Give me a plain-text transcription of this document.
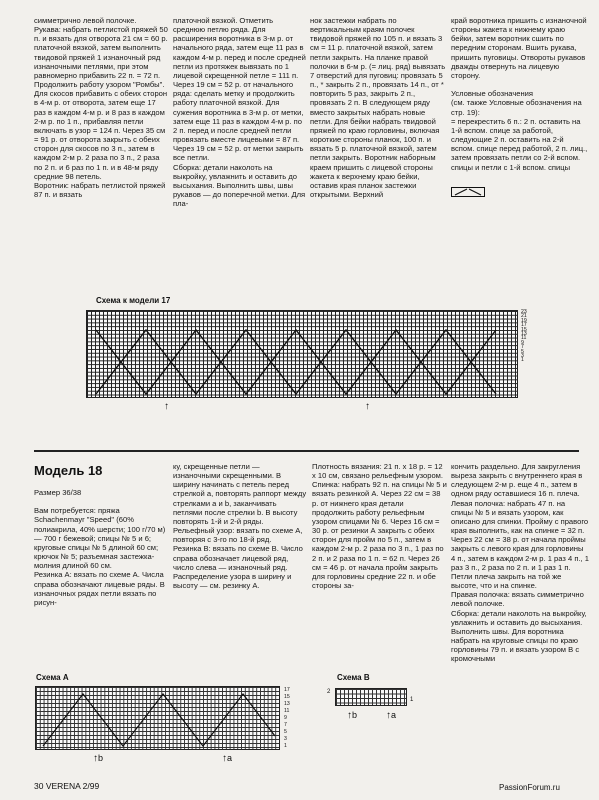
симметрично левой полочке.
Рукава: набрать петлистой пряжей 50 п. и вязать для отворота 21 см = 60 р. платочной вязкой, затем выполнить твидовой пряжей 1 изнаночный ряд изнаночными петлями, при этом равномерно прибавить 22 п. = 72 п. Продолжить работу узором "Ромбы". Для скосов прибавить с обеих сторон в 4-м р. от отворота, затем еще 17 раз в каждом 4-м р. и 8 раз в каждом 2-м р. по 1 п., прибавляя петли включать в узор = 124 п. Через 35 см = 91 р. от отворота закрыть с обеих сторон для скосов по 3 п., затем в каждом 2-м р. 2 раза по 3 п., 2 раза по 2 п. и 6 раз по 1 п. и в 48-м ряду средние 98 петель.
Воротник: набрать петлистой пряжей 87 п. и вязать
платочной вязкой. Отметить среднюю петлю ряда. Для расширения воротника в 3-м р. от начального ряда, затем еще 11 раз в каждом 4-м р. перед и после средней петли из протяжек вывязать по 1 лицевой скрещенной петле = 111 п. Через 19 см = 52 р. от начального ряда: сделать метку и продолжить работу платочной вязкой. Для сужения воротника в 3-м р. от метки, затем еще 11 раз в каждом 4-м р. по 2 п. перед и после средней петли провязать вместе лицевыми = 87 п. Через 19 см = 52 р. от метки закрыть все петли.
Сборка: детали наколоть на выкройку, увлажнить и оставить до высыхания. Выполнить швы, швы рукавов — до поперечной метки. Для пла-
нок застежки набрать по вертикальным краям полочек твидовой пряжей по 105 п. и вязать 3 см = 11 р. платочной вязкой, затем петли закрыть. На планке правой полочки в 6-м р. (= лиц. ряд) вывязать 7 отверстий для пуговиц: провязать 5 п., * закрыть 2 п., провязать 14 п., от * повторить 5 раз, закрыть 2 п., провязать 2 п. В следующем ряду вместо закрытых набрать новые петли. Для бейки набрать твидовой пряжей по краю горловины, включая короткие стороны планок, 100 п. и вязать 5 р. платочной вязкой, затем петли закрыть. Воротник наборным краем пришить с лицевой стороны жакета к верхнему краю бейки, оставив края планок застежки открытыми. Верхний
край воротника пришить с изнаночной стороны жакета к нижнему краю бейки, затем воротник сшить по передним сторонам. Вшить рукава, пришить пуговицы. Отвороты рукавов дважды отвернуть на лицевую сторону.

Условные обозначения
(см. также Условные обозначения на стр. 19):
= перекрестить 6 п.: 2 п. оставить на 1-й вспом. спице за работой, следующие 2 п. оставить на 2-й вспом. спице перед работой, 2 п. лиц., затем провязать петли со 2-й вспом. спицы и петли с 1-й вспом. спицы
Схема к модели 17
23
21
19
17
15
13
11
9
7
5
3
1
↑	↑
Модель 18
Размер 36/38

Вам потребуется: пряжа Schachenmayr "Speed" (60% полиакрила, 40% шерсти; 100 г/70 м) — 700 г бежевой; спицы № 5 и 6; круговые спицы № 5 длиной 60 см; крючок № 5; разъемная застежка-молния длиной 60 см.
Резинка А: вязать по схеме А. Числа справа обозначают лицевые ряды. В изнаночных рядах петли вязать по рисун-
ку, скрещенные петли — изнаночными скрещенными. В ширину начинать с петель перед стрелкой а, повторять раппорт между стрелками а и b, заканчивать петлями после стрелки b. В высоту повторять 1-й и 2-й ряды.
Рельефный узор: вязать по схеме А, повторяя с 3-го по 18-й ряд.
Резинка В: вязать по схеме В. Число справа обозначает лицевой ряд, число слева — изнаночный ряд. Распределение узора в ширину и высоту — см. резинку А.
Плотность вязания: 21 п. х 18 р. = 12 х 10 см, связано рельефным узором.
Спинка: набрать 92 п. на спицы № 5 и вязать резинкой А. Через 22 см = 38 р. от нижнего края детали продолжить работу рельефным узором спицами № 6. Через 16 см = 30 р. от резинки А закрыть с обеих сторон для пройм по 5 п., затем в каждом 2-м р. 2 раза по 3 п., 1 раз по 2 п. и 2 раза по 1 п. = 62 п. Через 26 см = 46 р. от начала пройм закрыть для горловины средние 22 п. и обе стороны за-
кончить раздельно. Для закругления выреза закрыть с внутреннего края в следующем 2-м р. еще 4 п., затем в одном ряду оставшиеся 16 п. плеча.
Левая полочка: набрать 47 п. на спицы № 5 и вязать узором, как описано для спинки. Пройму с правого края выполнить, как на спинке = 32 п. Через 22 см = 38 р. от начала проймы закрыть с левого края для горловины 4 п., затем в каждом 2-м р. 1 раз 4 п., 1 раз 3 п., 2 раза по 2 п. и 1 раз 1 п. Петли плеча закрыть на той же высоте, что и на спинке.
Правая полочка: вязать симметрично левой полочке.
Сборка: детали наколоть на выкройку, увлажнить и оставить до высыхания. Выполнить швы. Для воротника набрать на круговые спицы по краю горловины 79 п. и вязать узором В с кромочными
Схема А
17
15
13
11
9
7
5
3
1
↑b	↑a
Схема В
2
1
↑b	↑a
30 VERENA 2/99	PassionForum.ru
